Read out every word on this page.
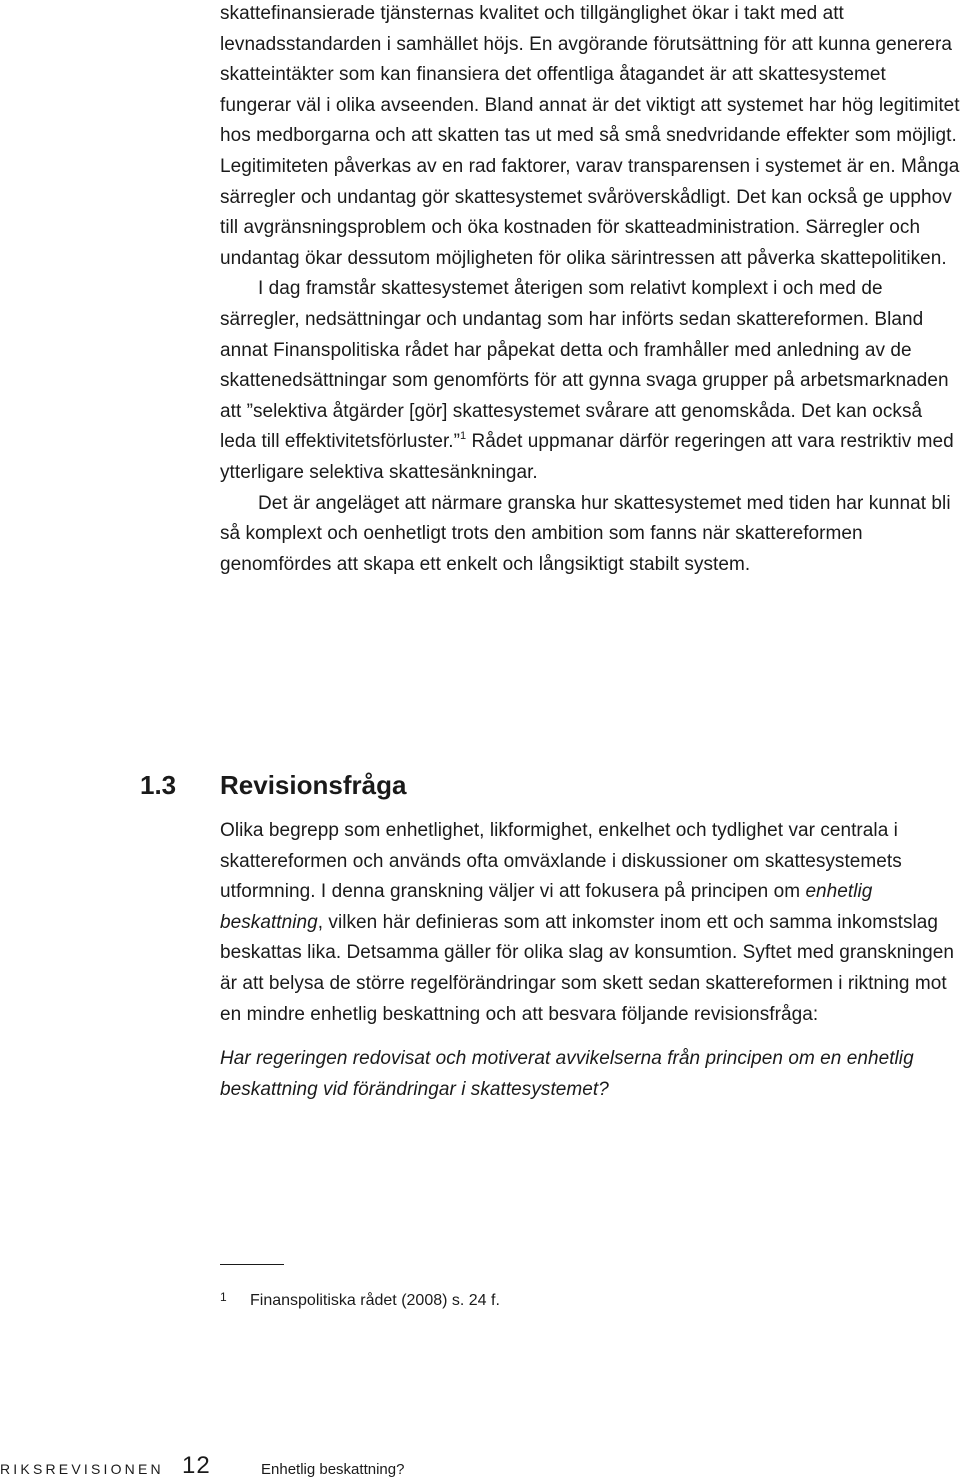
skattefinansierade tjänsternas kvalitet och tillgänglighet ökar i takt med att levnadsstandarden i samhället höjs. En avgörande förutsättning för att kunna generera skatteintäkter som kan finansiera det offentliga åtagandet är att skattesystemet fungerar väl i olika avseenden. Bland annat är det viktigt att systemet har hög legitimitet hos medborgarna och att skatten tas ut med så små snedvridande effekter som möjligt. Legitimiteten påverkas av en rad faktorer, varav transparensen i systemet är en. Många särregler och undantag gör skattesystemet svåröverskådligt. Det kan också ge upphov till avgränsningsproblem och öka kostnaden för skatteadministration. Särregler och undantag ökar dessutom möjligheten för olika särintressen att påverka skattepolitiken.

I dag framstår skattesystemet återigen som relativt komplext i och med de särregler, nedsättningar och undantag som har införts sedan skattereformen. Bland annat Finanspolitiska rådet har påpekat detta och framhåller med anledning av de skattenedsättningar som genomförts för att gynna svaga grupper på arbetsmarknaden att ”selektiva åtgärder [gör] skattesystemet svårare att genomskåda. Det kan också leda till effektivitetsförluster.”$^1$ Rådet uppmanar därför regeringen att vara restriktiv med ytterligare selektiva skattesänkningar.

Det är angeläget att närmare granska hur skattesystemet med tiden har kunnat bli så komplext och oenhetligt trots den ambition som fanns när skattereformen genomfördes att skapa ett enkelt och långsiktigt stabilt system.

1.3 Revisionsfråga

Olika begrepp som enhetlighet, likformighet, enkelhet och tydlighet var centrala i skattereformen och används ofta omväxlande i diskussioner om skattesystemets utformning. I denna granskning väljer vi att fokusera på principen om enhetlig beskattning, vilken här definieras som att inkomster inom ett och samma inkomstslag beskattas lika. Detsamma gäller för olika slag av konsumtion. Syftet med granskningen är att belysa de större regelförändringar som skett sedan skattereformen i riktning mot en mindre enhetlig beskattning och att besvara följande revisionsfråga:

Har regeringen redovisat och motiverat avvikelserna från principen om en enhetlig beskattning vid förändringar i skattesystemet?

1 Finanspolitiska rådet (2008) s. 24 f.
RIKSREVISIONEN 12	Enhetlig beskattning?
